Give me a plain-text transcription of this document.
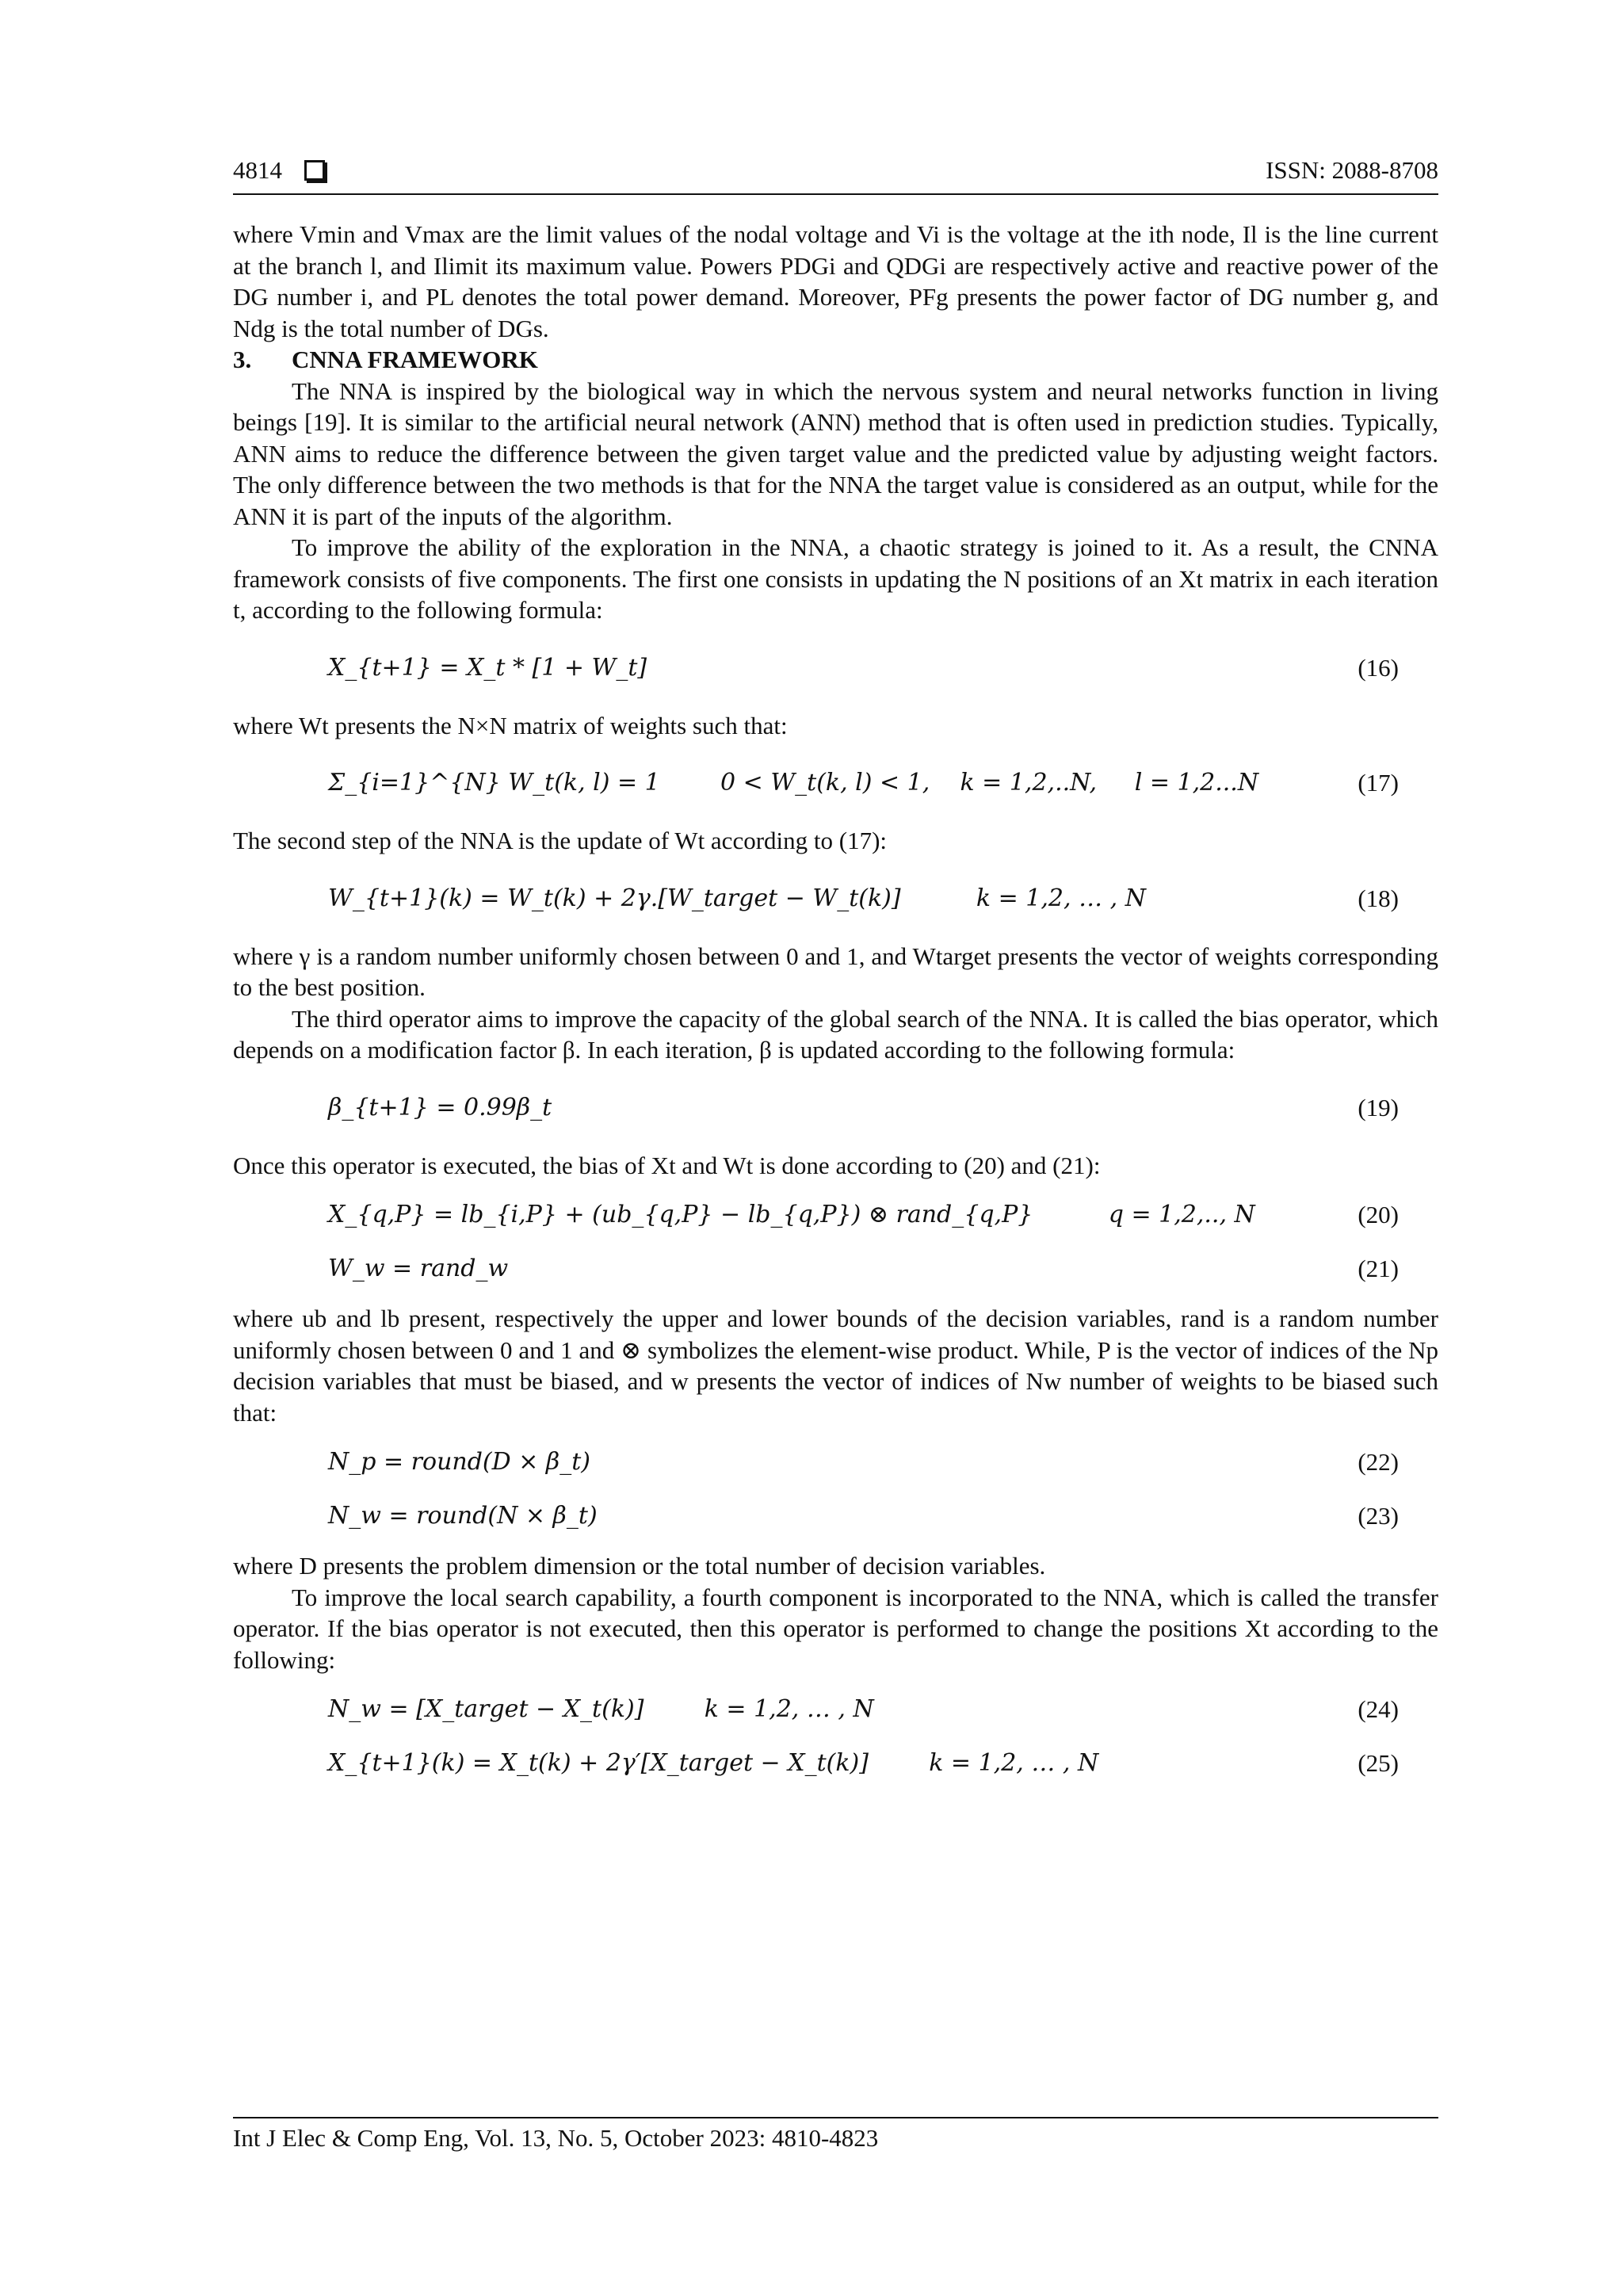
4814	ISSN: 2088-8708

where Vmin and Vmax are the limit values of the nodal voltage and Vi is the voltage at the ith node, Il is the line current at the branch l, and Ilimit its maximum value. Powers PDGi and QDGi are respectively active and reactive power of the DG number i, and PL denotes the total power demand. Moreover, PFg presents the power factor of DG number g, and Ndg is the total number of DGs.

3. CNNA FRAMEWORK

The NNA is inspired by the biological way in which the nervous system and neural networks function in living beings [19]. It is similar to the artificial neural network (ANN) method that is often used in prediction studies. Typically, ANN aims to reduce the difference between the given target value and the predicted value by adjusting weight factors. The only difference between the two methods is that for the NNA the target value is considered as an output, while for the ANN it is part of the inputs of the algorithm.

To improve the ability of the exploration in the NNA, a chaotic strategy is joined to it. As a result, the CNNA framework consists of five components. The first one consists in updating the N positions of an Xt matrix in each iteration t, according to the following formula:

X_{t+1} = X_t * [1 + W_t]	(16)

where Wt presents the N×N matrix of weights such that:

Σ_{i=1}^{N} W_t(k, l) = 1        0 < W_t(k, l) < 1,    k = 1,2,..N,     l = 1,2...N	(17)

The second step of the NNA is the update of Wt according to (17):

W_{t+1}(k) = W_t(k) + 2γ.[W_target − W_t(k)]          k = 1,2, … , N	(18)

where γ is a random number uniformly chosen between 0 and 1, and Wtarget presents the vector of weights corresponding to the best position.

The third operator aims to improve the capacity of the global search of the NNA. It is called the bias operator, which depends on a modification factor β. In each iteration, β is updated according to the following formula:

β_{t+1} = 0.99β_t	(19)

Once this operator is executed, the bias of Xt and Wt is done according to (20) and (21):

X_{q,P} = lb_{i,P} + (ub_{q,P} − lb_{q,P}) ⊗ rand_{q,P}          q = 1,2,.., N	(20)
W_w = rand_w	(21)

where ub and lb present, respectively the upper and lower bounds of the decision variables, rand is a random number uniformly chosen between 0 and 1 and ⊗ symbolizes the element-wise product. While, P is the vector of indices of the Np decision variables that must be biased, and w presents the vector of indices of Nw number of weights to be biased such that:

N_p = round(D × β_t)	(22)
N_w = round(N × β_t)	(23)

where D presents the problem dimension or the total number of decision variables.

To improve the local search capability, a fourth component is incorporated to the NNA, which is called the transfer operator. If the bias operator is not executed, then this operator is performed to change the positions Xt according to the following:

N_w = [X_target − X_t(k)]        k = 1,2, … , N	(24)
X_{t+1}(k) = X_t(k) + 2γ′[X_target − X_t(k)]        k = 1,2, … , N	(25)
Int J Elec & Comp Eng, Vol. 13, No. 5, October 2023: 4810-4823
